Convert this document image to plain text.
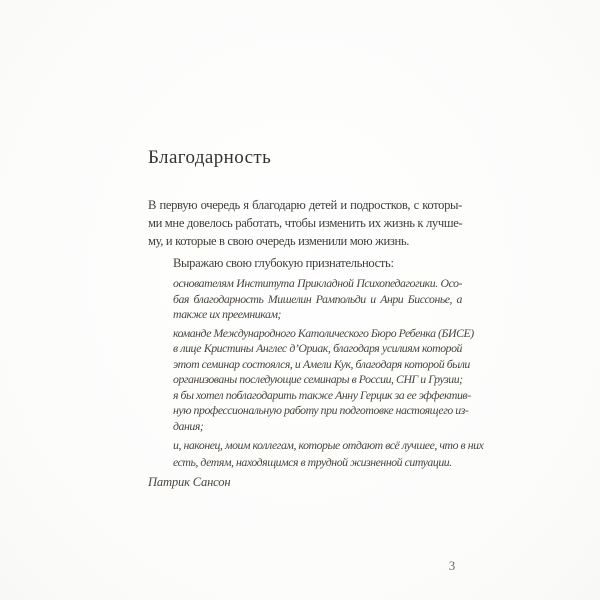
Благодарность
В первую очередь я благодарю детей и подростков, с которы-
ми мне довелось работать, чтобы изменить их жизнь к лучше-
му, и которые в свою очередь изменили мою жизнь.
Выражаю свою глубокую признательность:
основателям Института Прикладной Психопедагогики. Осо-
бая благодарность Мишелин Рампольди и Анри Биссонье, а
также их преемникам;
команде Международного Католического Бюро Ребенка (БИСЕ)
в лице Кристины Англес д’Ориак, благодаря усилиям которой
этот семинар состоялся, и Амели Кук, благодаря которой были
организованы последующие семинары в России, СНГ и Грузии;
я бы хотел поблагодарить также Анну Герцик за ее эффектив-
ную профессиональную работу при подготовке настоящего из-
дания;
и, наконец, моим коллегам, которые отдают всё лучшее, что в них
есть, детям, находящимся в трудной жизненной ситуации.
Патрик Сансон
3
